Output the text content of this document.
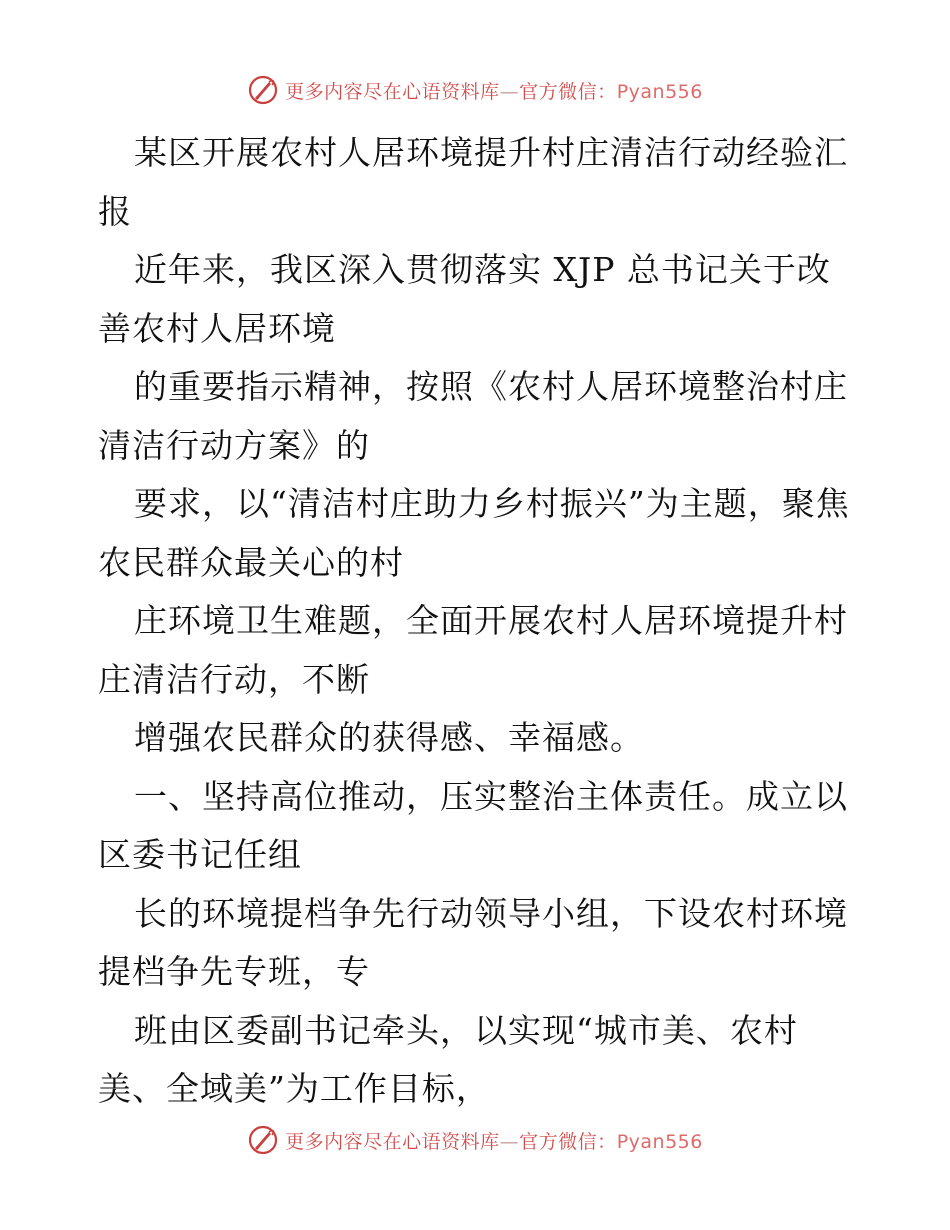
更多内容尽在心语资料库—官方微信：Pyan556

某区开展农村人居环境提升村庄清洁行动经验汇报

近年来，我区深入贯彻落实 XJP 总书记关于改善农村人居环境

的重要指示精神，按照《农村人居环境整治村庄清洁行动方案》的

要求，以“清洁村庄助力乡村振兴”为主题，聚焦农民群众最关心的村

庄环境卫生难题，全面开展农村人居环境提升村庄清洁行动，不断

增强农民群众的获得感、幸福感。

一、坚持高位推动，压实整治主体责任。成立以区委书记任组

长的环境提档争先行动领导小组，下设农村环境提档争先专班，专

班由区委副书记牵头，以实现“城市美、农村美、全域美”为工作目标，

更多内容尽在心语资料库—官方微信：Pyan556
